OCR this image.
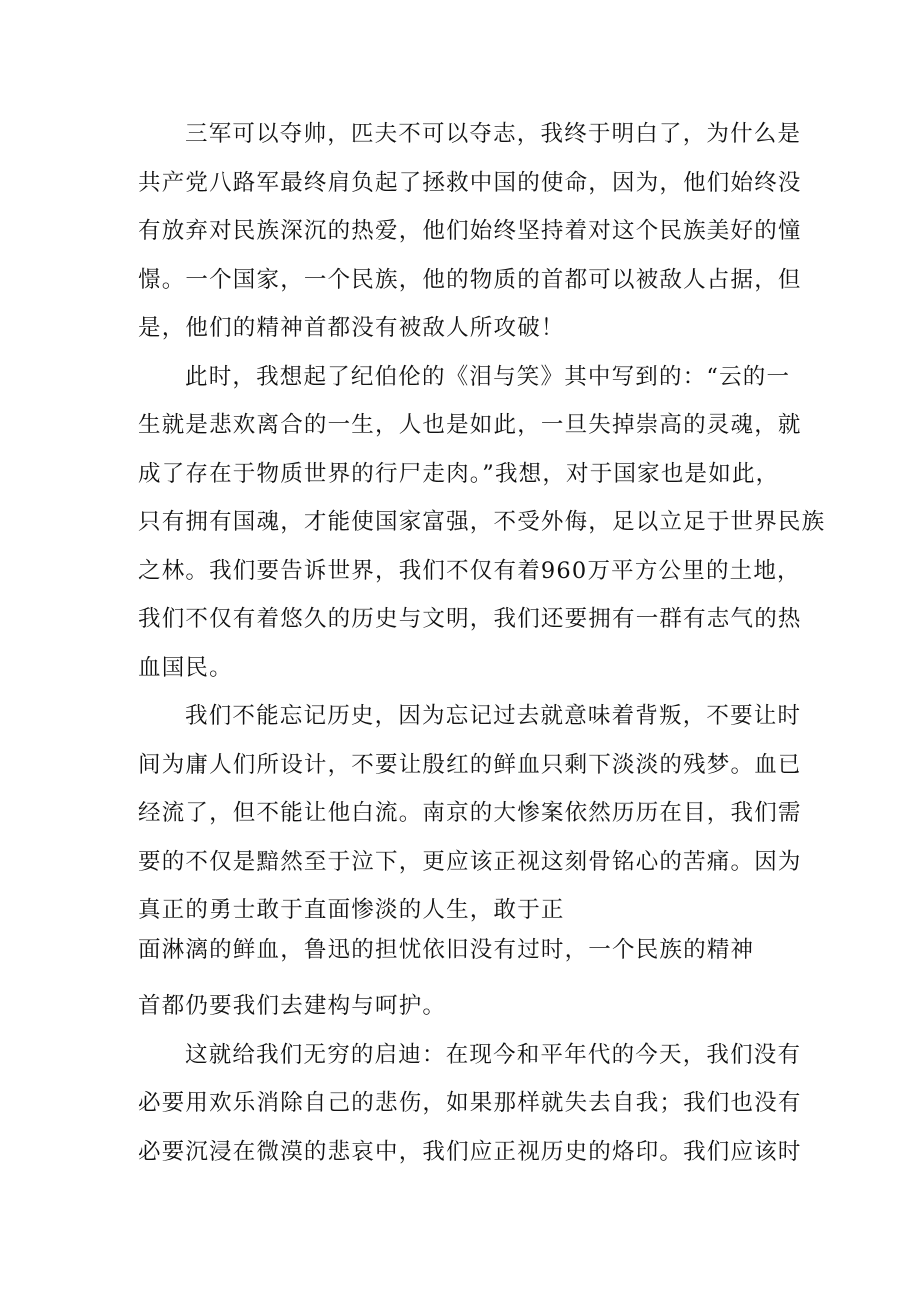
三军可以夺帅，匹夫不可以夺志，我终于明白了，为什么是
共产党八路军最终肩负起了拯救中国的使命，因为，他们始终没
有放弃对民族深沉的热爱，他们始终坚持着对这个民族美好的憧
憬。一个国家，一个民族，他的物质的首都可以被敌人占据，但
是，他们的精神首都没有被敌人所攻破！
此时，我想起了纪伯伦的《泪与笑》其中写到的：“云的一
生就是悲欢离合的一生，人也是如此，一旦失掉崇高的灵魂，就
成了存在于物质世界的行尸走肉。”我想，对于国家也是如此，
只有拥有国魂，才能使国家富强，不受外侮，足以立足于世界民族
之林。我们要告诉世界，我们不仅有着960万平方公里的土地，
我们不仅有着悠久的历史与文明，我们还要拥有一群有志气的热
血国民。
我们不能忘记历史，因为忘记过去就意味着背叛，不要让时
间为庸人们所设计，不要让殷红的鲜血只剩下淡淡的残梦。血已
经流了，但不能让他白流。南京的大惨案依然历历在目，我们需
要的不仅是黯然至于泣下，更应该正视这刻骨铭心的苦痛。因为
真正的勇士敢于直面惨淡的人生，敢于正
面淋漓的鲜血，鲁迅的担忧依旧没有过时，一个民族的精神
首都仍要我们去建构与呵护。
这就给我们无穷的启迪：在现今和平年代的今天，我们没有
必要用欢乐消除自己的悲伤，如果那样就失去自我；我们也没有
必要沉浸在微漠的悲哀中，我们应正视历史的烙印。我们应该时
